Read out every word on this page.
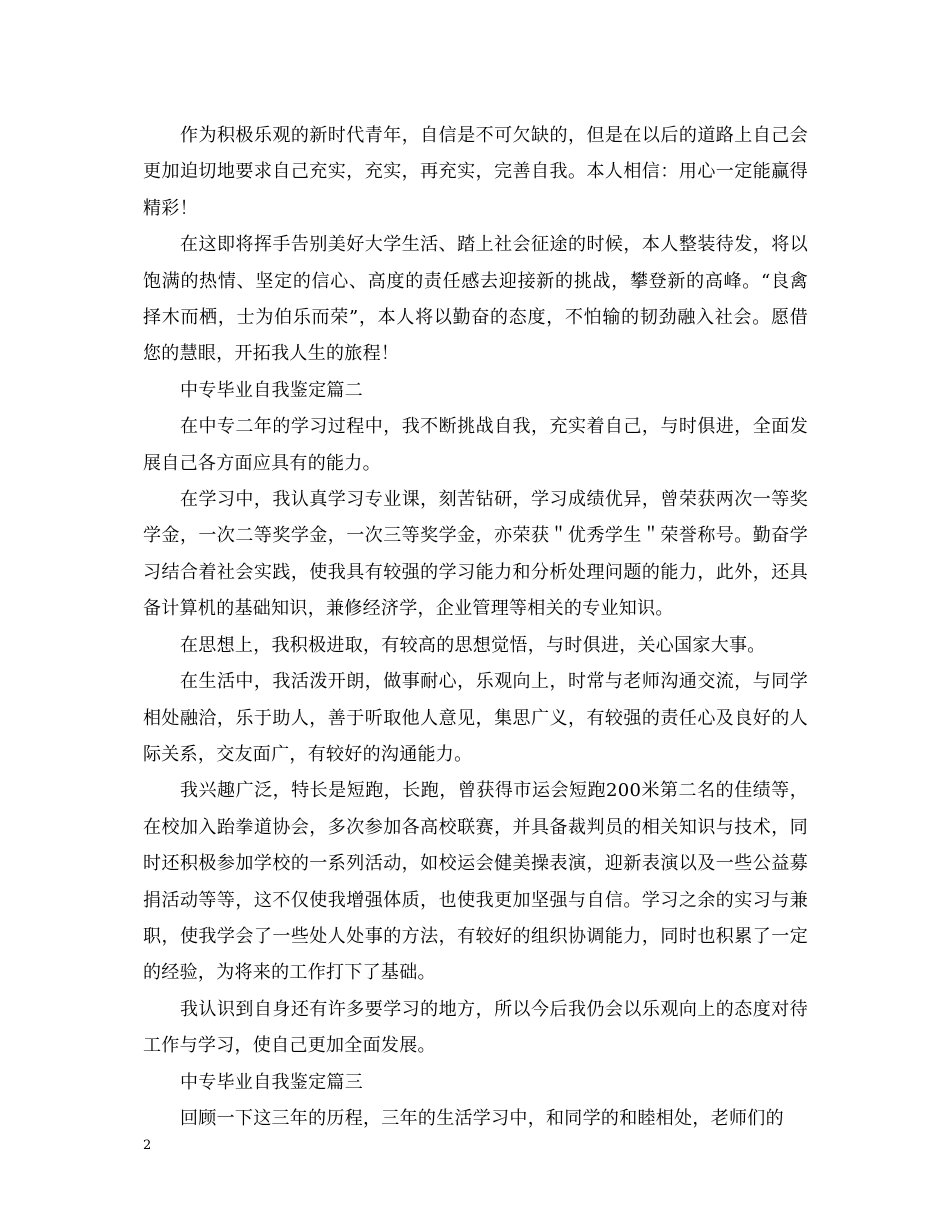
作为积极乐观的新时代青年，自信是不可欠缺的，但是在以后的道路上自己会更加迫切地要求自己充实，充实，再充实，完善自我。本人相信：用心一定能赢得精彩！

在这即将挥手告别美好大学生活、踏上社会征途的时候，本人整装待发，将以饱满的热情、坚定的信心、高度的责任感去迎接新的挑战，攀登新的高峰。“良禽择木而栖，士为伯乐而荣”，本人将以勤奋的态度，不怕输的韧劲融入社会。愿借您的慧眼，开拓我人生的旅程！

中专毕业自我鉴定篇二

在中专二年的学习过程中，我不断挑战自我，充实着自己，与时俱进，全面发展自己各方面应具有的能力。

在学习中，我认真学习专业课，刻苦钻研，学习成绩优异，曾荣获两次一等奖学金，一次二等奖学金，一次三等奖学金，亦荣获＂优秀学生＂荣誉称号。勤奋学习结合着社会实践，使我具有较强的学习能力和分析处理问题的能力，此外，还具备计算机的基础知识，兼修经济学，企业管理等相关的专业知识。

在思想上，我积极进取，有较高的思想觉悟，与时俱进，关心国家大事。

在生活中，我活泼开朗，做事耐心，乐观向上，时常与老师沟通交流，与同学相处融洽，乐于助人，善于听取他人意见，集思广义，有较强的责任心及良好的人际关系，交友面广，有较好的沟通能力。

我兴趣广泛，特长是短跑，长跑，曾获得市运会短跑200米第二名的佳绩等，在校加入跆拳道协会，多次参加各高校联赛，并具备裁判员的相关知识与技术，同时还积极参加学校的一系列活动，如校运会健美操表演，迎新表演以及一些公益募捐活动等等，这不仅使我增强体质，也使我更加坚强与自信。学习之余的实习与兼职，使我学会了一些处人处事的方法，有较好的组织协调能力，同时也积累了一定的经验，为将来的工作打下了基础。

我认识到自身还有许多要学习的地方，所以今后我仍会以乐观向上的态度对待工作与学习，使自己更加全面发展。

中专毕业自我鉴定篇三

回顾一下这三年的历程，三年的生活学习中，和同学的和睦相处，老师们的

2
